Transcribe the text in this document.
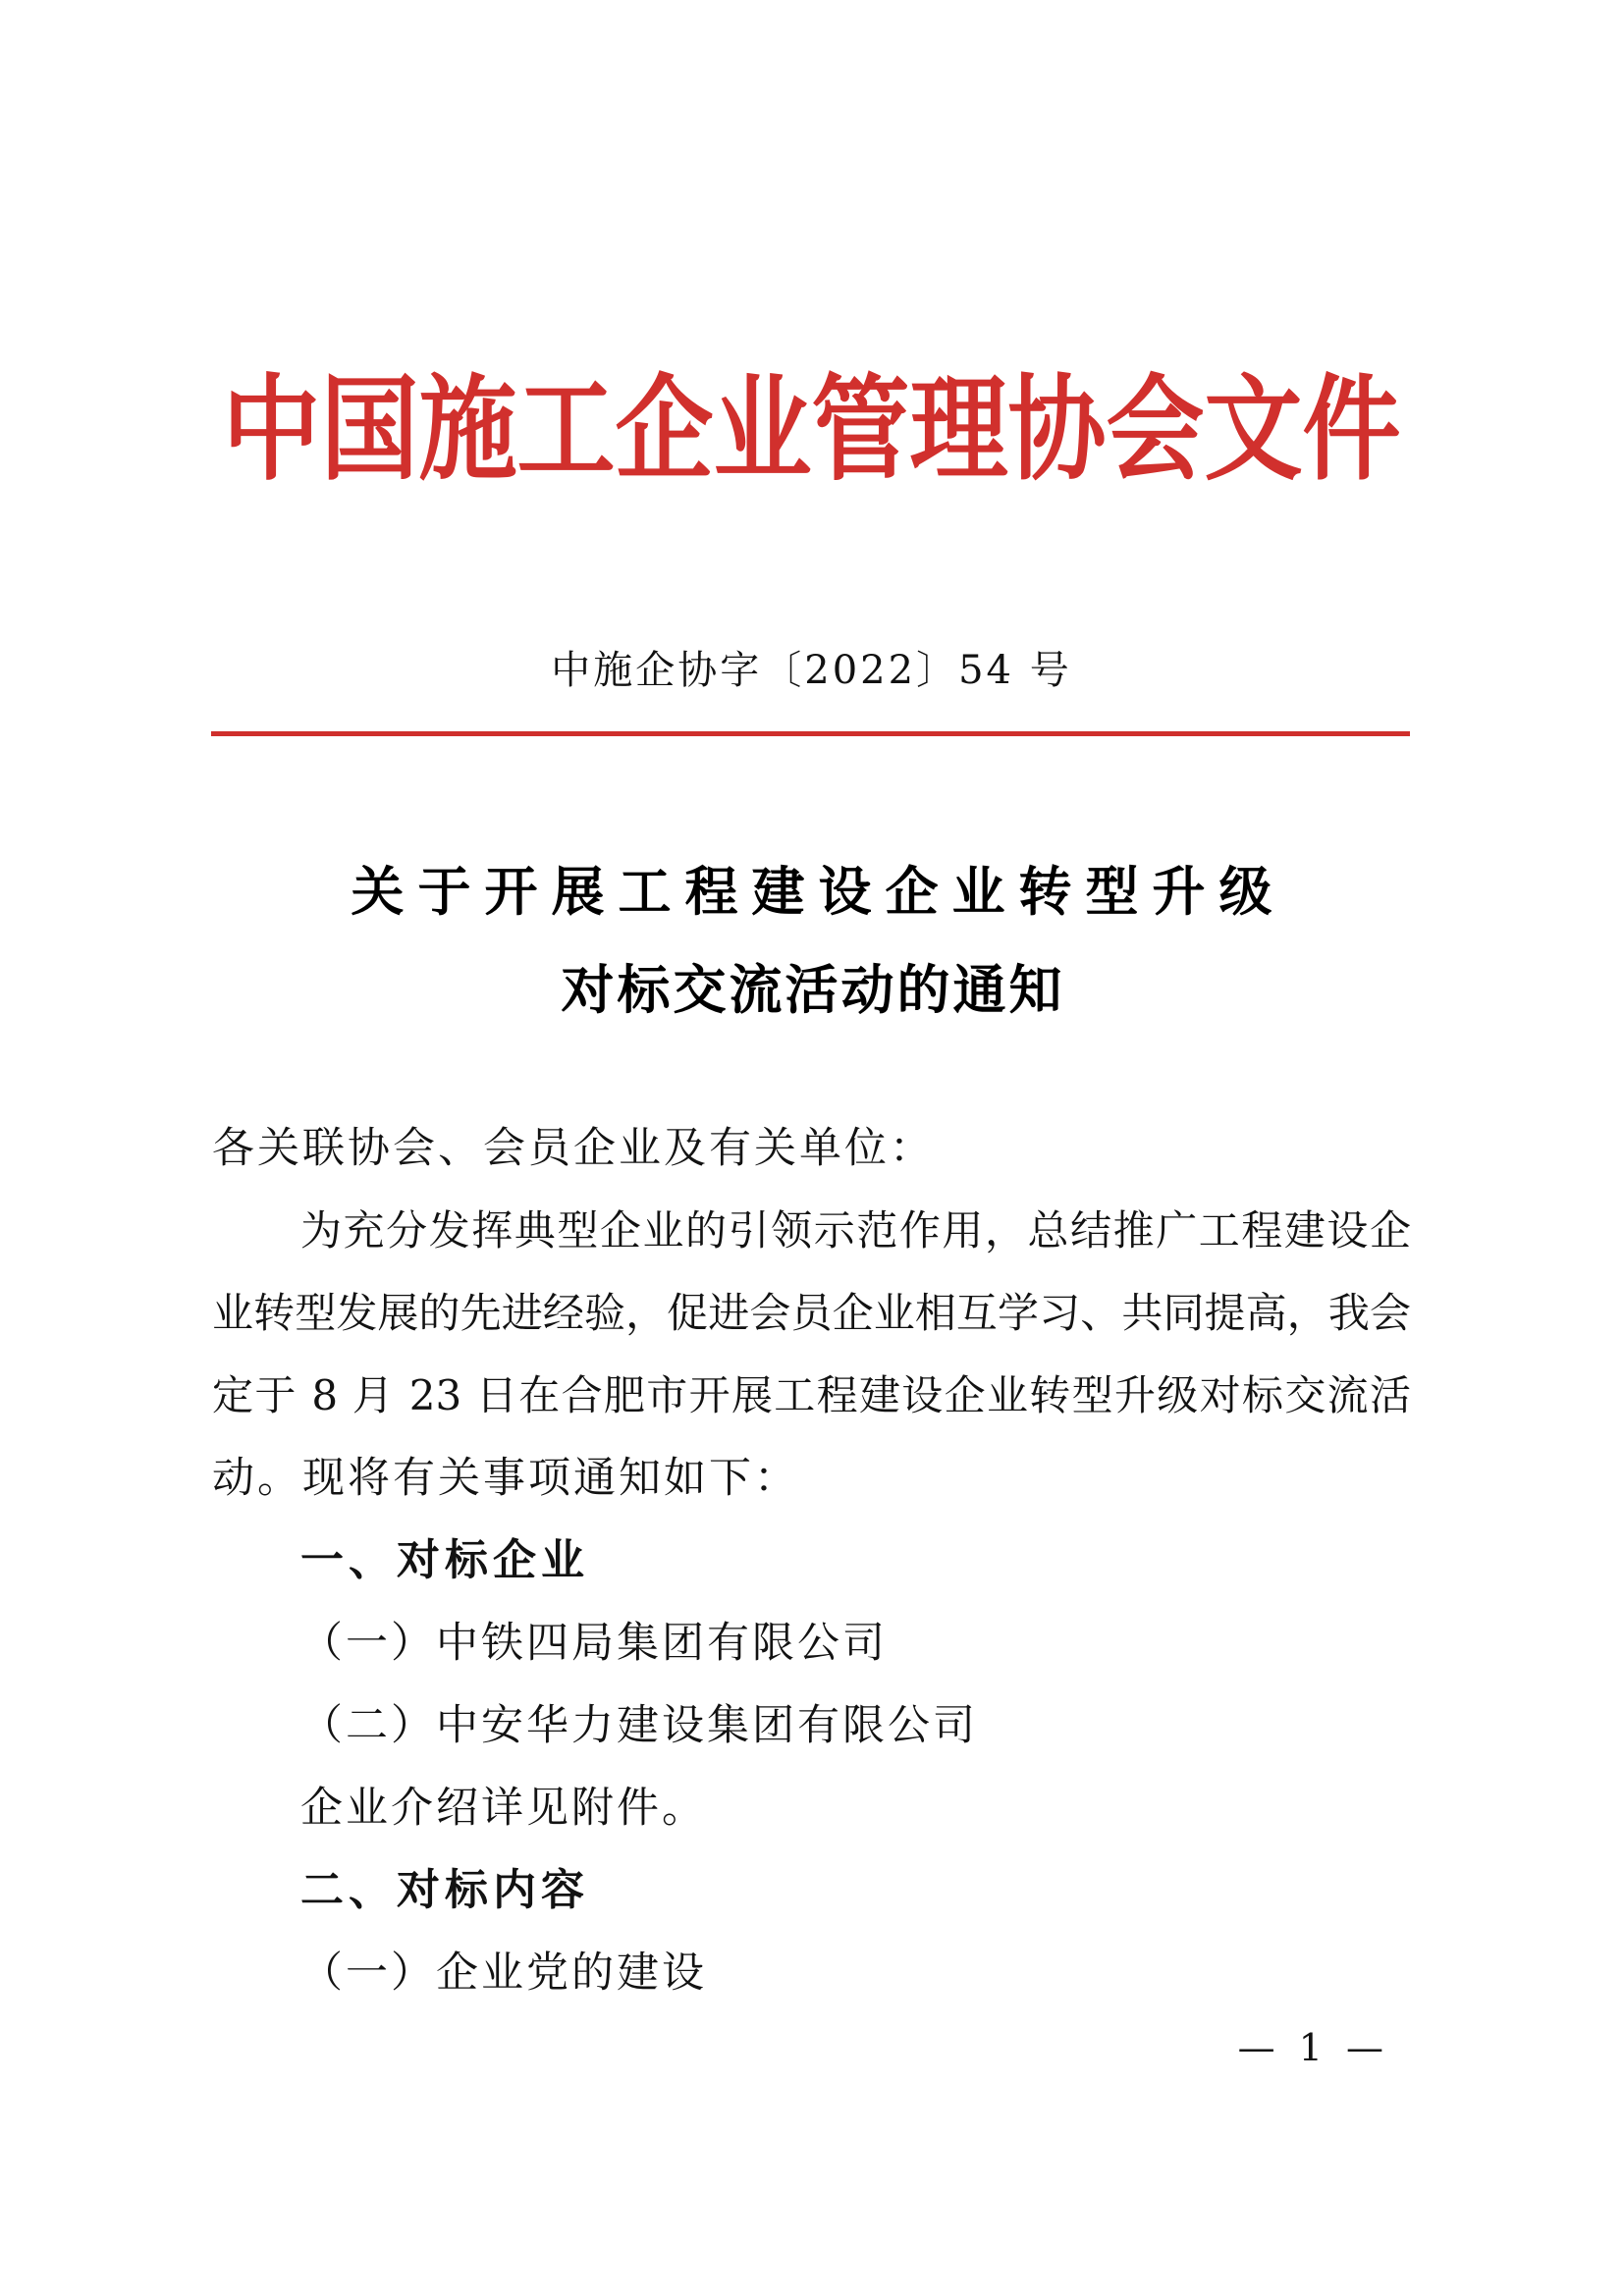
中国施工企业管理协会文件
中施企协字〔2022〕54 号
关于开展工程建设企业转型升级
对标交流活动的通知
各关联协会、会员企业及有关单位：
为充分发挥典型企业的引领示范作用，总结推广工程建设企
业转型发展的先进经验，促进会员企业相互学习、共同提高，我会
定于 8 月 23 日在合肥市开展工程建设企业转型升级对标交流活
动。现将有关事项通知如下：
一、对标企业
（一）中铁四局集团有限公司
（二）中安华力建设集团有限公司
企业介绍详见附件。
二、对标内容
（一）企业党的建设
— 1 —
